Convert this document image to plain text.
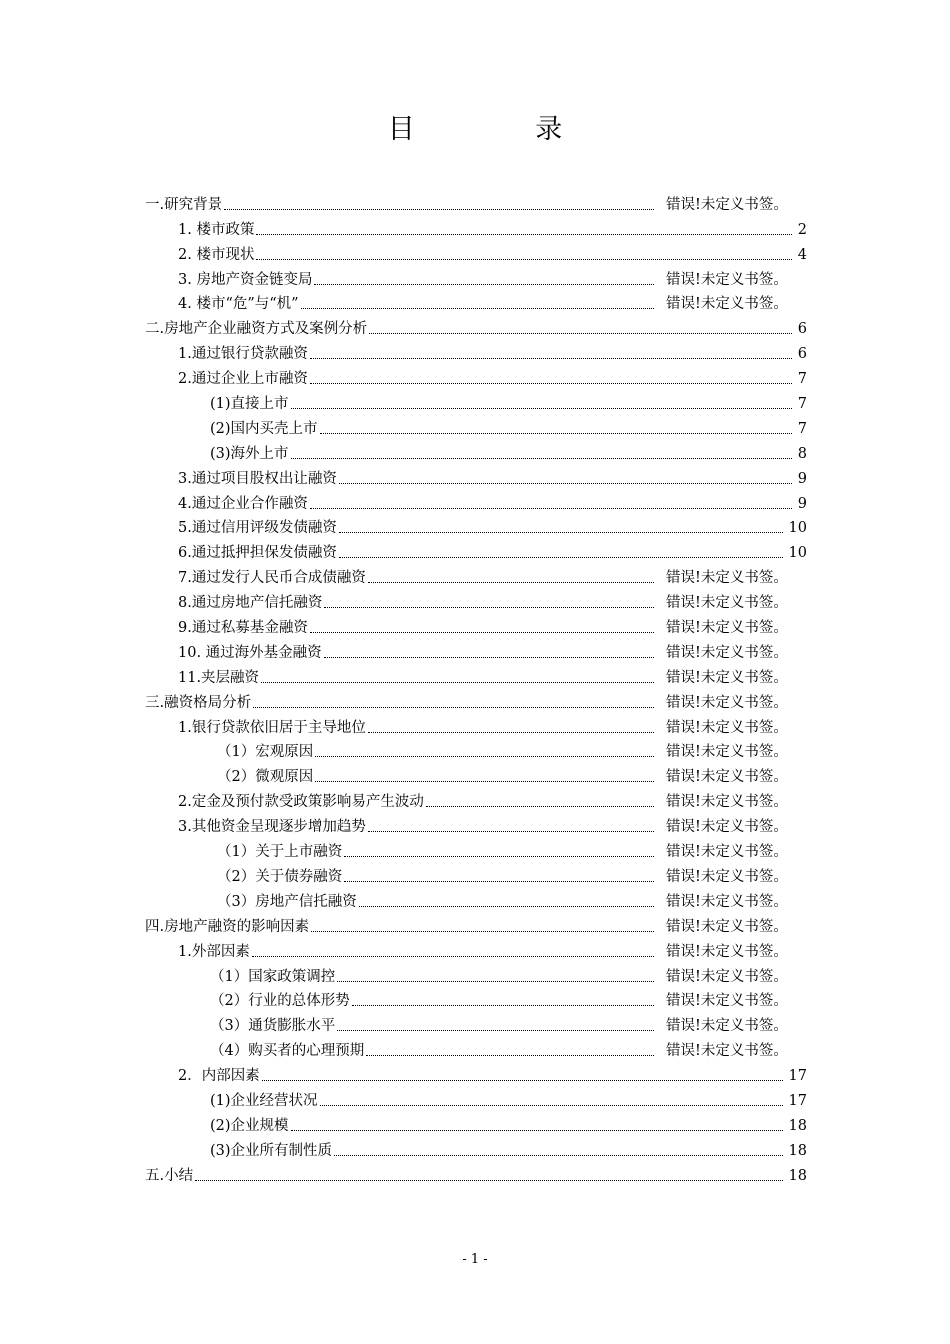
目 录
一.研究背景	错误!未定义书签。
1. 楼市政策	2
2. 楼市现状	4
3. 房地产资金链变局	错误!未定义书签。
4. 楼市“危”与“机”	错误!未定义书签。
二.房地产企业融资方式及案例分析	6
1.通过银行贷款融资	6
2.通过企业上市融资	7
(1)直接上市	7
(2)国内买壳上市	7
(3)海外上市	8
3.通过项目股权出让融资	9
4.通过企业合作融资	9
5.通过信用评级发债融资	10
6.通过抵押担保发债融资	10
7.通过发行人民币合成债融资	错误!未定义书签。
8.通过房地产信托融资	错误!未定义书签。
9.通过私募基金融资	错误!未定义书签。
10. 通过海外基金融资	错误!未定义书签。
11.夹层融资	错误!未定义书签。
三.融资格局分析	错误!未定义书签。
1.银行贷款依旧居于主导地位	错误!未定义书签。
（1）宏观原因	错误!未定义书签。
（2）微观原因	错误!未定义书签。
2.定金及预付款受政策影响易产生波动	错误!未定义书签。
3.其他资金呈现逐步增加趋势	错误!未定义书签。
（1）关于上市融资	错误!未定义书签。
（2）关于债券融资	错误!未定义书签。
（3）房地产信托融资	错误!未定义书签。
四.房地产融资的影响因素	错误!未定义书签。
1.外部因素	错误!未定义书签。
（1）国家政策调控	错误!未定义书签。
（2）行业的总体形势	错误!未定义书签。
（3）通货膨胀水平	错误!未定义书签。
（4）购买者的心理预期	错误!未定义书签。
2．内部因素	17
(1)企业经营状况	17
(2)企业规模	18
(3)企业所有制性质	18
五.小结	18
- 1 -
